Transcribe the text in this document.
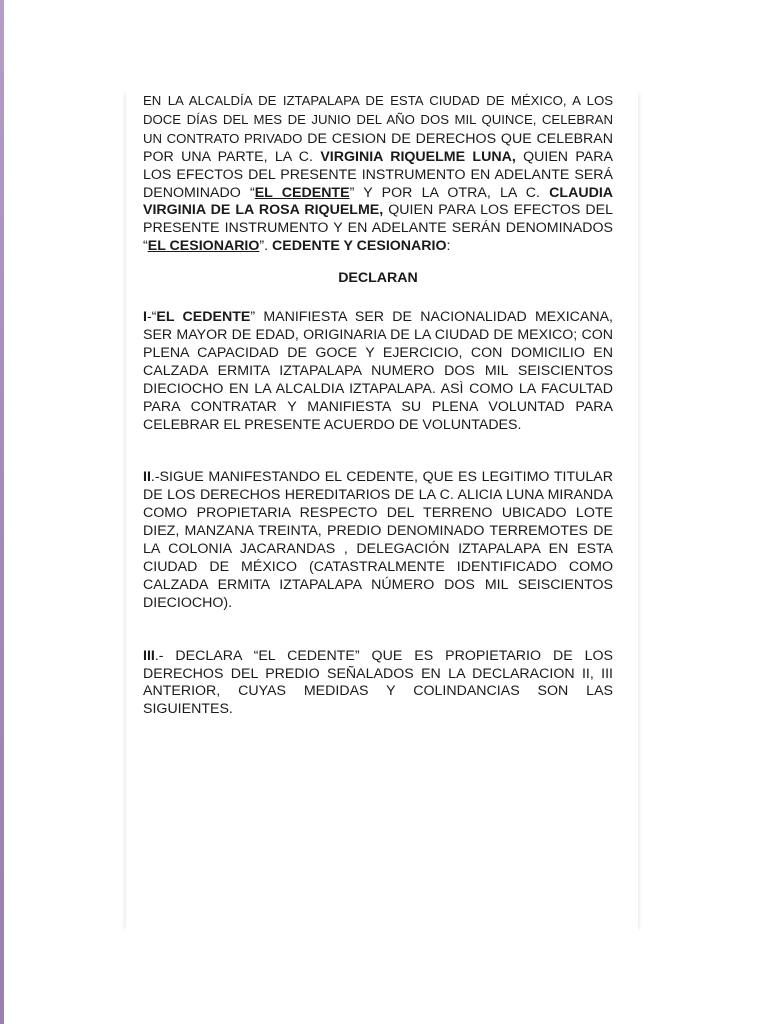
EN LA ALCALDÍA DE IZTAPALAPA DE ESTA CIUDAD DE MÉXICO, A LOS DOCE DÍAS DEL MES DE JUNIO DEL AÑO DOS MIL QUINCE, CELEBRAN UN CONTRATO PRIVADO DE CESION DE DERECHOS QUE CELEBRAN POR UNA PARTE, LA C. VIRGINIA RIQUELME LUNA, QUIEN PARA LOS EFECTOS DEL PRESENTE INSTRUMENTO EN ADELANTE SERÁ DENOMINADO “EL CEDENTE” Y POR LA OTRA, LA C. CLAUDIA VIRGINIA DE LA ROSA RIQUELME, QUIEN PARA LOS EFECTOS DEL PRESENTE INSTRUMENTO Y EN ADELANTE SERÁN DENOMINADOS “EL CESIONARIO”. CEDENTE Y CESIONARIO:

DECLARAN

I-“EL CEDENTE” MANIFIESTA SER DE NACIONALIDAD MEXICANA, SER MAYOR DE EDAD, ORIGINARIA DE LA CIUDAD DE MEXICO; CON PLENA CAPACIDAD DE GOCE Y EJERCICIO, CON DOMICILIO EN CALZADA ERMITA IZTAPALAPA NUMERO DOS MIL SEISCIENTOS DIECIOCHO EN LA ALCALDIA IZTAPALAPA. ASÌ COMO LA FACULTAD PARA CONTRATAR Y MANIFIESTA SU PLENA VOLUNTAD PARA CELEBRAR EL PRESENTE ACUERDO DE VOLUNTADES.

II.-SIGUE MANIFESTANDO EL CEDENTE, QUE ES LEGITIMO TITULAR DE LOS DERECHOS HEREDITARIOS DE LA C. ALICIA LUNA MIRANDA COMO PROPIETARIA RESPECTO DEL TERRENO UBICADO LOTE DIEZ, MANZANA TREINTA, PREDIO DENOMINADO TERREMOTES DE LA COLONIA JACARANDAS , DELEGACIÓN IZTAPALAPA EN ESTA CIUDAD DE MÉXICO (CATASTRALMENTE IDENTIFICADO COMO CALZADA ERMITA IZTAPALAPA NÚMERO DOS MIL SEISCIENTOS DIECIOCHO).

III.- DECLARA “EL CEDENTE” QUE ES PROPIETARIO DE LOS DERECHOS DEL PREDIO SEÑALADOS EN LA DECLARACION II, III ANTERIOR, CUYAS MEDIDAS Y COLINDANCIAS SON LAS SIGUIENTES.
